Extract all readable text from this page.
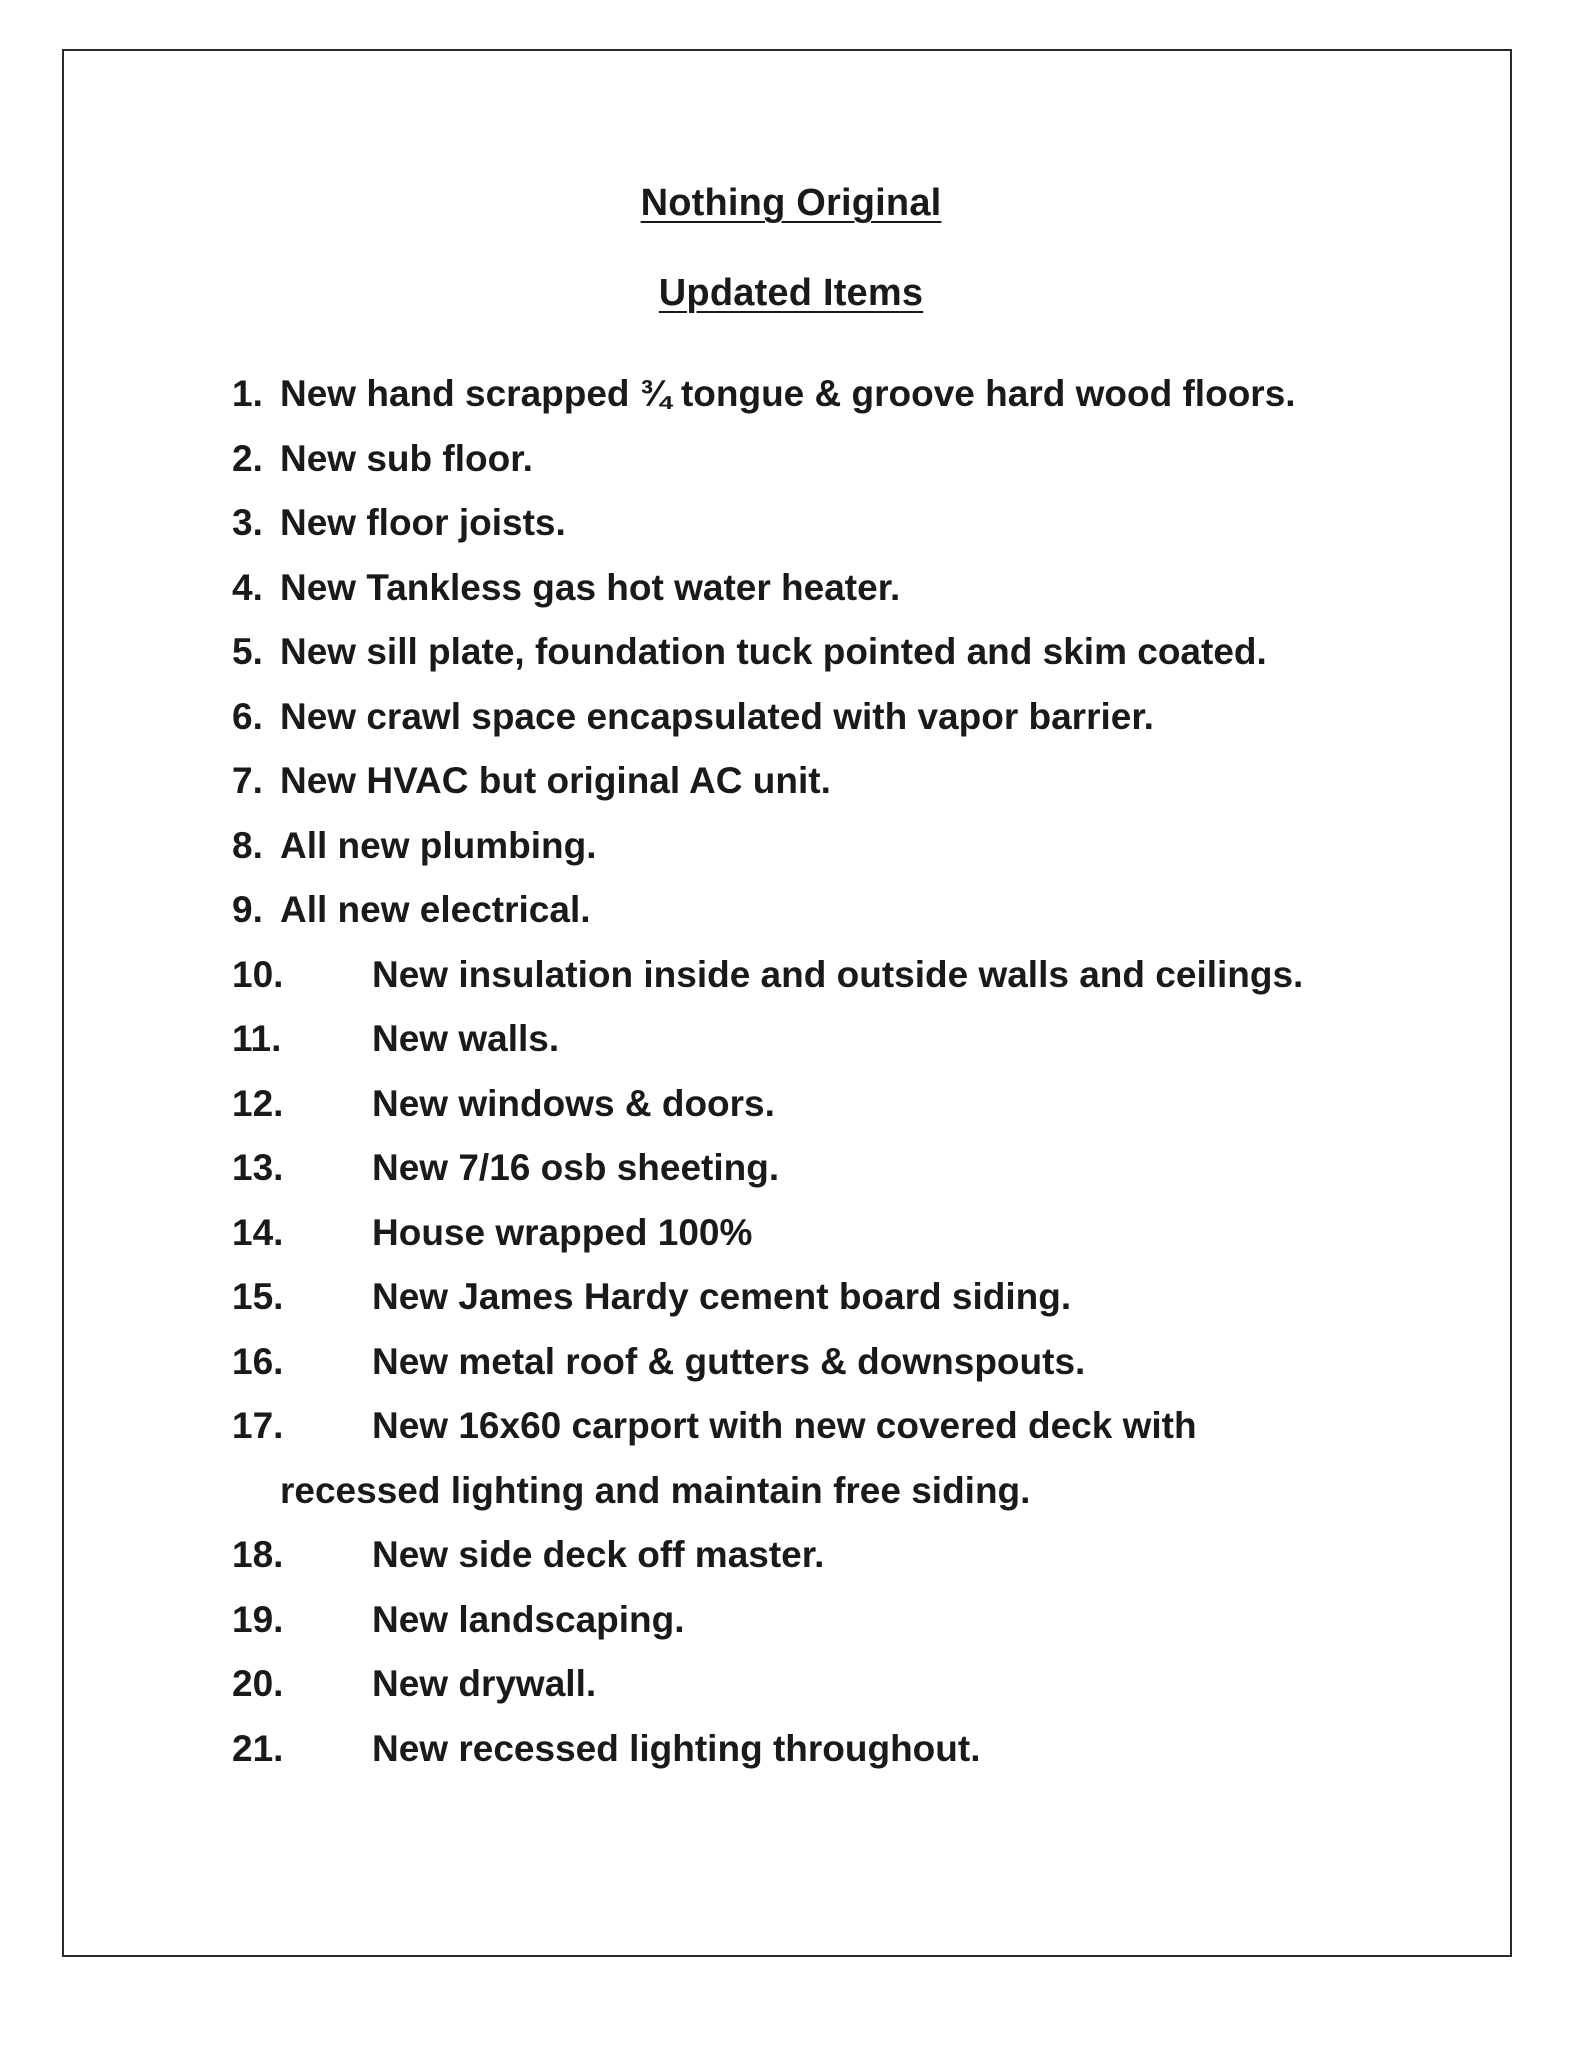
Nothing Original
Updated Items
1. New hand scrapped ¾ tongue & groove hard wood floors.
2. New sub floor.
3. New floor joists.
4. New Tankless gas hot water heater.
5. New sill plate, foundation tuck pointed and skim coated.
6. New crawl space encapsulated with vapor barrier.
7. New HVAC but original AC unit.
8. All new plumbing.
9. All new electrical.
10. New insulation inside and outside walls and ceilings.
11. New walls.
12. New windows & doors.
13. New 7/16 osb sheeting.
14. House wrapped 100%
15. New James Hardy cement board siding.
16. New metal roof & gutters & downspouts.
17. New 16x60 carport with new covered deck with
recessed lighting and maintain free siding.
18. New side deck off master.
19. New landscaping.
20. New drywall.
21. New recessed lighting throughout.
